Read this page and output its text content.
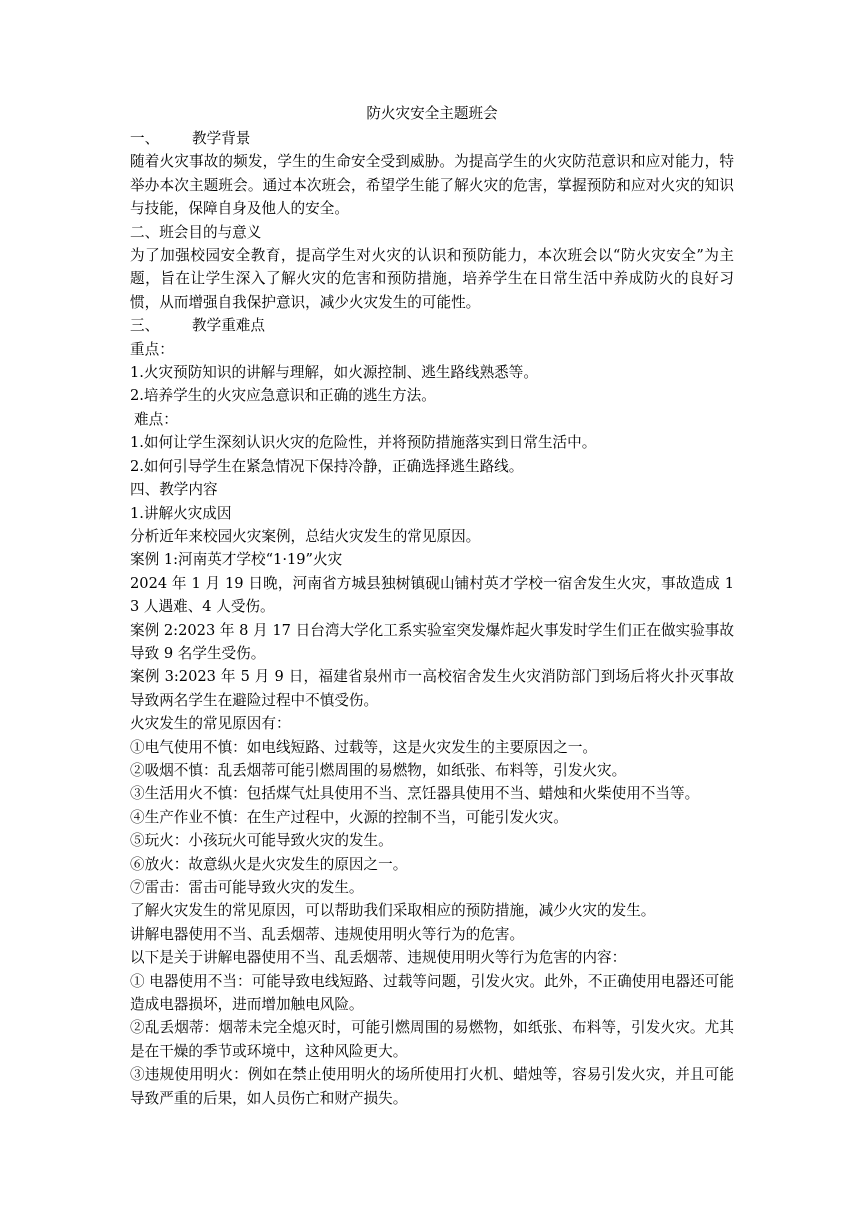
防火灾安全主题班会

一、 教学背景

随着火灾事故的频发，学生的生命安全受到威胁。为提高学生的火灾防范意识和应对能力，特举办本次主题班会。通过本次班会，希望学生能了解火灾的危害，掌握预防和应对火灾的知识与技能，保障自身及他人的安全。

二、班会目的与意义

为了加强校园安全教育，提高学生对火灾的认识和预防能力，本次班会以“防火灾安全”为主题，旨在让学生深入了解火灾的危害和预防措施，培养学生在日常生活中养成防火的良好习惯，从而增强自我保护意识，减少火灾发生的可能性。

三、 教学重难点

重点：

1.火灾预防知识的讲解与理解，如火源控制、逃生路线熟悉等。

2.培养学生的火灾应急意识和正确的逃生方法。

难点：

1.如何让学生深刻认识火灾的危险性，并将预防措施落实到日常生活中。

2.如何引导学生在紧急情况下保持冷静，正确选择逃生路线。

四、教学内容

1.讲解火灾成因

分析近年来校园火灾案例，总结火灾发生的常见原因。

案例 1:河南英才学校“1·19”火灾

2024 年 1 月 19 日晚，河南省方城县独树镇砚山铺村英才学校一宿舍发生火灾，事故造成 13 人遇难、4 人受伤。

案例 2:2023 年 8 月 17 日台湾大学化工系实验室突发爆炸起火事发时学生们正在做实验事故导致 9 名学生受伤。

案例 3:2023 年 5 月 9 日，福建省泉州市一高校宿舍发生火灾消防部门到场后将火扑灭事故导致两名学生在避险过程中不慎受伤。

火灾发生的常见原因有：

①电气使用不慎：如电线短路、过载等，这是火灾发生的主要原因之一。

②吸烟不慎：乱丢烟蒂可能引燃周围的易燃物，如纸张、布料等，引发火灾。

③生活用火不慎：包括煤气灶具使用不当、烹饪器具使用不当、蜡烛和火柴使用不当等。

④生产作业不慎：在生产过程中，火源的控制不当，可能引发火灾。

⑤玩火：小孩玩火可能导致火灾的发生。

⑥放火：故意纵火是火灾发生的原因之一。

⑦雷击：雷击可能导致火灾的发生。

了解火灾发生的常见原因，可以帮助我们采取相应的预防措施，减少火灾的发生。

讲解电器使用不当、乱丢烟蒂、违规使用明火等行为的危害。

以下是关于讲解电器使用不当、乱丢烟蒂、违规使用明火等行为危害的内容：

① 电器使用不当：可能导致电线短路、过载等问题，引发火灾。此外，不正确使用电器还可能造成电器损坏，进而增加触电风险。

②乱丢烟蒂：烟蒂未完全熄灭时，可能引燃周围的易燃物，如纸张、布料等，引发火灾。尤其是在干燥的季节或环境中，这种风险更大。

③违规使用明火：例如在禁止使用明火的场所使用打火机、蜡烛等，容易引发火灾，并且可能导致严重的后果，如人员伤亡和财产损失。
